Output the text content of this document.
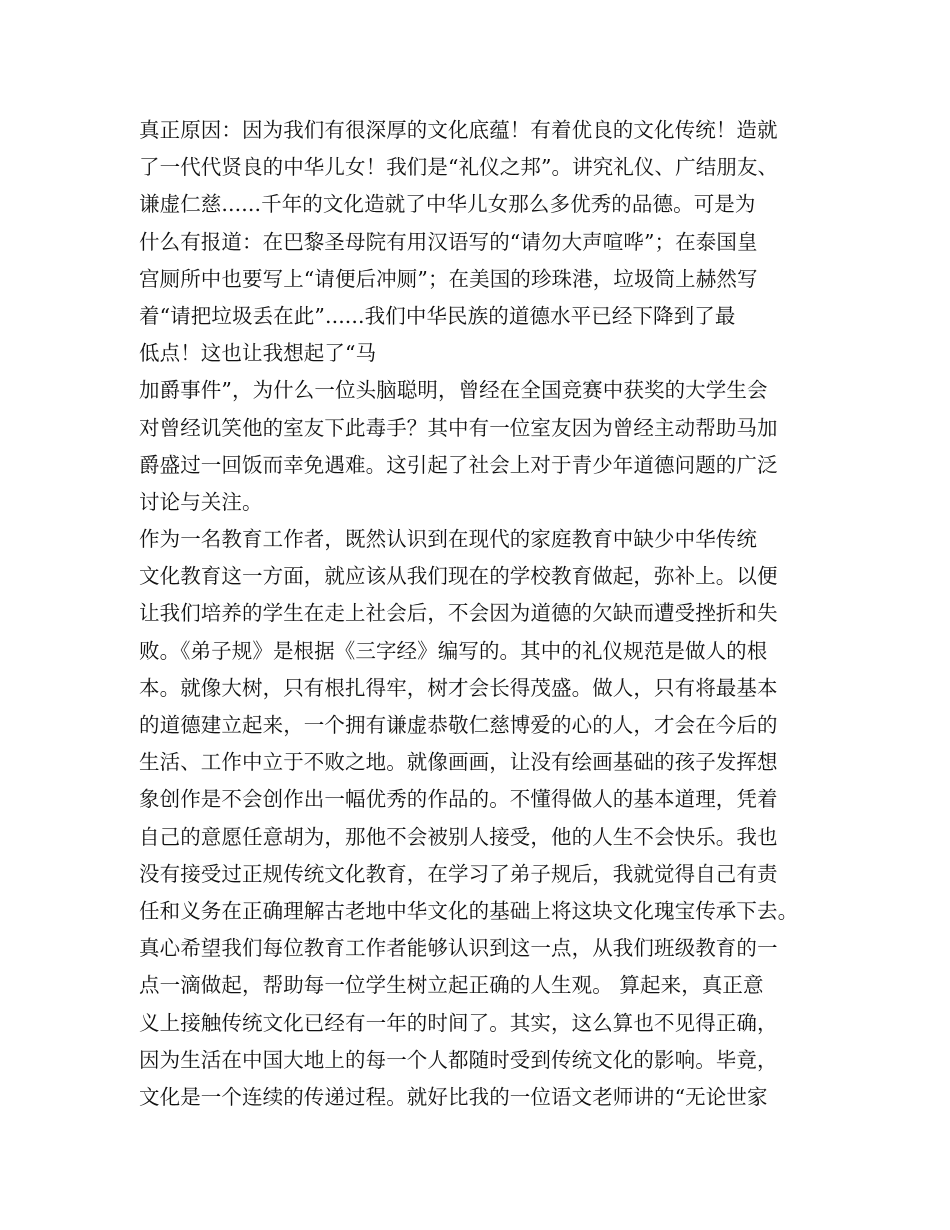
真正原因：因为我们有很深厚的文化底蕴！有着优良的文化传统！造就
了一代代贤良的中华儿女！我们是“礼仪之邦”。讲究礼仪、广结朋友、
谦虚仁慈......千年的文化造就了中华儿女那么多优秀的品德。可是为
什么有报道：在巴黎圣母院有用汉语写的“请勿大声喧哗”；在泰国皇
宫厕所中也要写上“请便后冲厕”；在美国的珍珠港，垃圾筒上赫然写
着“请把垃圾丢在此”......我们中华民族的道德水平已经下降到了最
低点！这也让我想起了“马
加爵事件”，为什么一位头脑聪明，曾经在全国竞赛中获奖的大学生会
对曾经讥笑他的室友下此毒手？其中有一位室友因为曾经主动帮助马加
爵盛过一回饭而幸免遇难。这引起了社会上对于青少年道德问题的广泛
讨论与关注。
作为一名教育工作者，既然认识到在现代的家庭教育中缺少中华传统
文化教育这一方面，就应该从我们现在的学校教育做起，弥补上。以便
让我们培养的学生在走上社会后，不会因为道德的欠缺而遭受挫折和失
败。《弟子规》是根据《三字经》编写的。其中的礼仪规范是做人的根
本。就像大树，只有根扎得牢，树才会长得茂盛。做人，只有将最基本
的道德建立起来，一个拥有谦虚恭敬仁慈博爱的心的人，才会在今后的
生活、工作中立于不败之地。就像画画，让没有绘画基础的孩子发挥想
象创作是不会创作出一幅优秀的作品的。不懂得做人的基本道理，凭着
自己的意愿任意胡为，那他不会被别人接受，他的人生不会快乐。我也
没有接受过正规传统文化教育，在学习了弟子规后，我就觉得自己有责
任和义务在正确理解古老地中华文化的基础上将这块文化瑰宝传承下去。
真心希望我们每位教育工作者能够认识到这一点，从我们班级教育的一
点一滴做起，帮助每一位学生树立起正确的人生观。 算起来，真正意
义上接触传统文化已经有一年的时间了。其实，这么算也不见得正确，
因为生活在中国大地上的每一个人都随时受到传统文化的影响。毕竟，
文化是一个连续的传递过程。就好比我的一位语文老师讲的“无论世家
